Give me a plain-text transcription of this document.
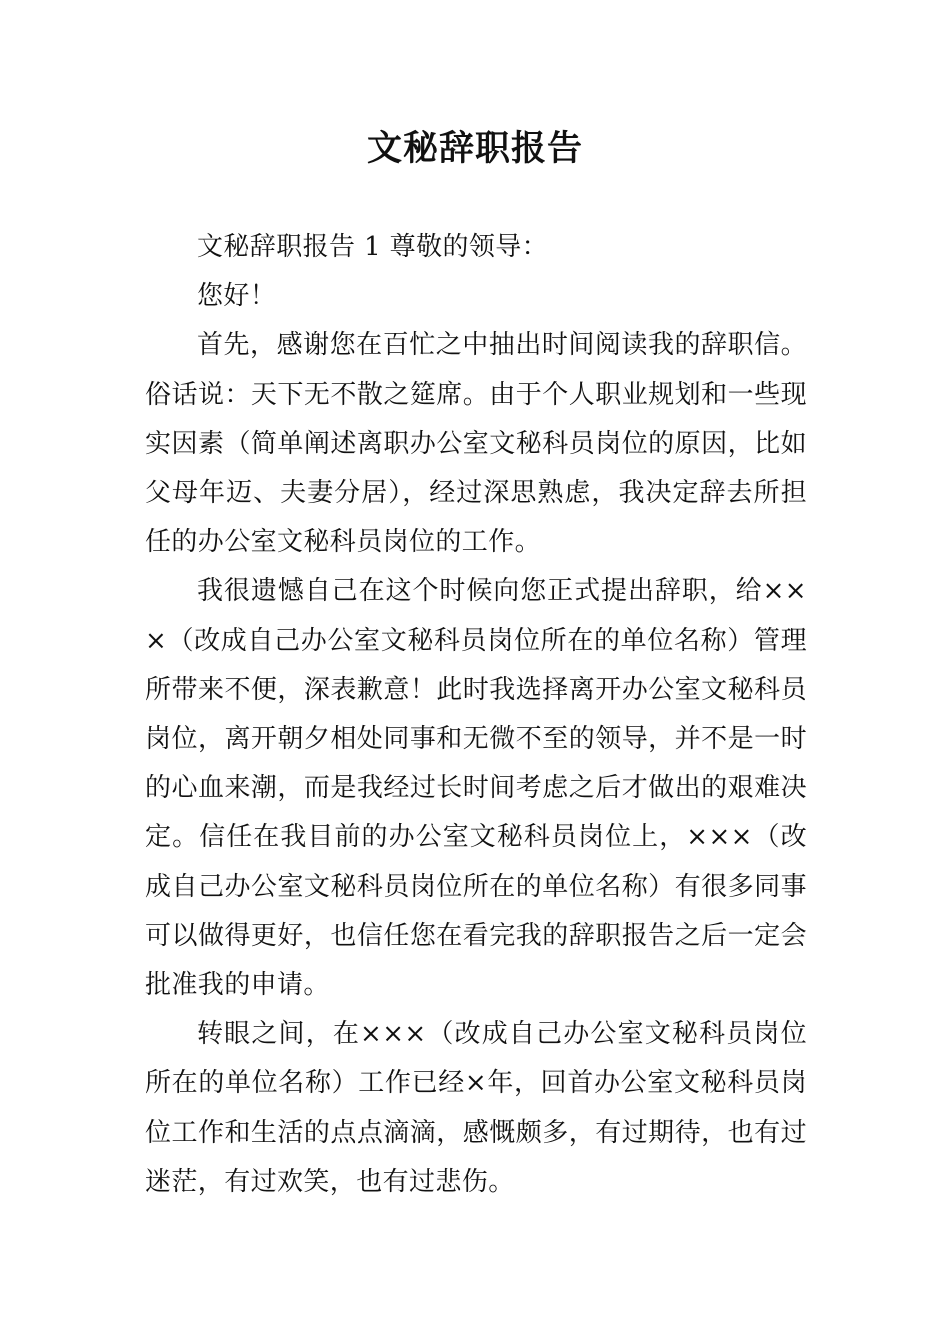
文秘辞职报告

文秘辞职报告 1 尊敬的领导：

您好！

首先，感谢您在百忙之中抽出时间阅读我的辞职信。俗话说：天下无不散之筵席。由于个人职业规划和一些现实因素（简单阐述离职办公室文秘科员岗位的原因，比如父母年迈、夫妻分居），经过深思熟虑，我决定辞去所担任的办公室文秘科员岗位的工作。

我很遗憾自己在这个时候向您正式提出辞职，给×××（改成自己办公室文秘科员岗位所在的单位名称）管理所带来不便，深表歉意！此时我选择离开办公室文秘科员岗位，离开朝夕相处同事和无微不至的领导，并不是一时的心血来潮，而是我经过长时间考虑之后才做出的艰难决定。信任在我目前的办公室文秘科员岗位上，×××（改成自己办公室文秘科员岗位所在的单位名称）有很多同事可以做得更好，也信任您在看完我的辞职报告之后一定会批准我的申请。

转眼之间，在×××（改成自己办公室文秘科员岗位所在的单位名称）工作已经×年，回首办公室文秘科员岗位工作和生活的点点滴滴，感慨颇多，有过期待，也有过迷茫，有过欢笑，也有过悲伤。
